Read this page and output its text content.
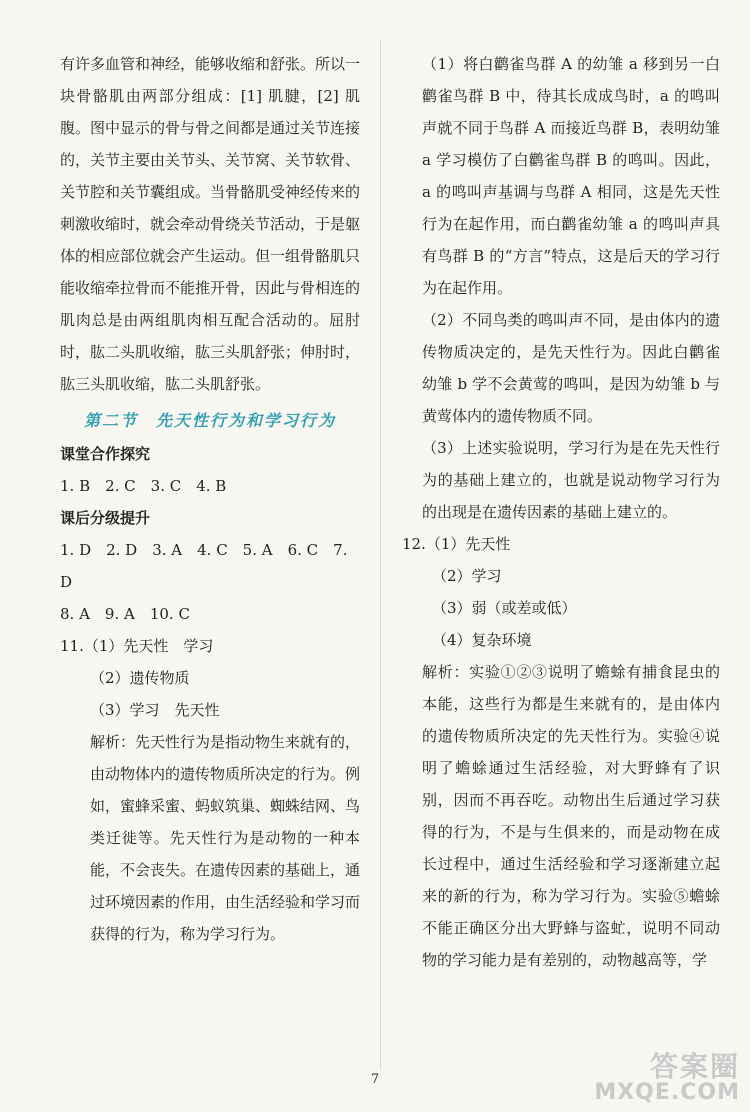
有许多血管和神经，能够收缩和舒张。所以一块骨骼肌由两部分组成：[1] 肌腱，[2] 肌腹。图中显示的骨与骨之间都是通过关节连接的，关节主要由关节头、关节窝、关节软骨、关节腔和关节囊组成。当骨骼肌受神经传来的刺激收缩时，就会牵动骨绕关节活动，于是躯体的相应部位就会产生运动。但一组骨骼肌只能收缩牵拉骨而不能推开骨，因此与骨相连的肌肉总是由两组肌肉相互配合活动的。屈肘时，肱二头肌收缩，肱三头肌舒张；伸肘时，肱三头肌收缩，肱二头肌舒张。

第二节　先天性行为和学习行为

课堂合作探究

1. B　2. C　3. C　4. B

课后分级提升

1. D　2. D　3. A　4. C　5. A　6. C　7. D

8. A　9. A　10. C

11.（1）先天性　学习

（2）遗传物质

（3）学习　先天性

解析：先天性行为是指动物生来就有的，由动物体内的遗传物质所决定的行为。例如，蜜蜂采蜜、蚂蚁筑巢、蜘蛛结网、鸟类迁徙等。先天性行为是动物的一种本能，不会丧失。在遗传因素的基础上，通过环境因素的作用，由生活经验和学习而获得的行为，称为学习行为。

（1）将白鹳雀鸟群 A 的幼雏 a 移到另一白鹳雀鸟群 B 中，待其长成成鸟时，a 的鸣叫声就不同于鸟群 A 而接近鸟群 B，表明幼雏 a 学习模仿了白鹳雀鸟群 B 的鸣叫。因此，a 的鸣叫声基调与鸟群 A 相同，这是先天性行为在起作用，而白鹳雀幼雏 a 的鸣叫声具有鸟群 B 的“方言”特点，这是后天的学习行为在起作用。

（2）不同鸟类的鸣叫声不同，是由体内的遗传物质决定的，是先天性行为。因此白鹳雀幼雏 b 学不会黄莺的鸣叫，是因为幼雏 b 与黄莺体内的遗传物质不同。

（3）上述实验说明，学习行为是在先天性行为的基础上建立的，也就是说动物学习行为的出现是在遗传因素的基础上建立的。

12.（1）先天性

（2）学习

（3）弱（或差或低）

（4）复杂环境

解析：实验①②③说明了蟾蜍有捕食昆虫的本能，这些行为都是生来就有的，是由体内的遗传物质所决定的先天性行为。实验④说明了蟾蜍通过生活经验，对大野蜂有了识别，因而不再吞吃。动物出生后通过学习获得的行为，不是与生俱来的，而是动物在成长过程中，通过生活经验和学习逐渐建立起来的新的行为，称为学习行为。实验⑤蟾蜍不能正确区分出大野蜂与盗虻，说明不同动物的学习能力是有差别的，动物越高等，学

7	答案圈
MXQE.COM
